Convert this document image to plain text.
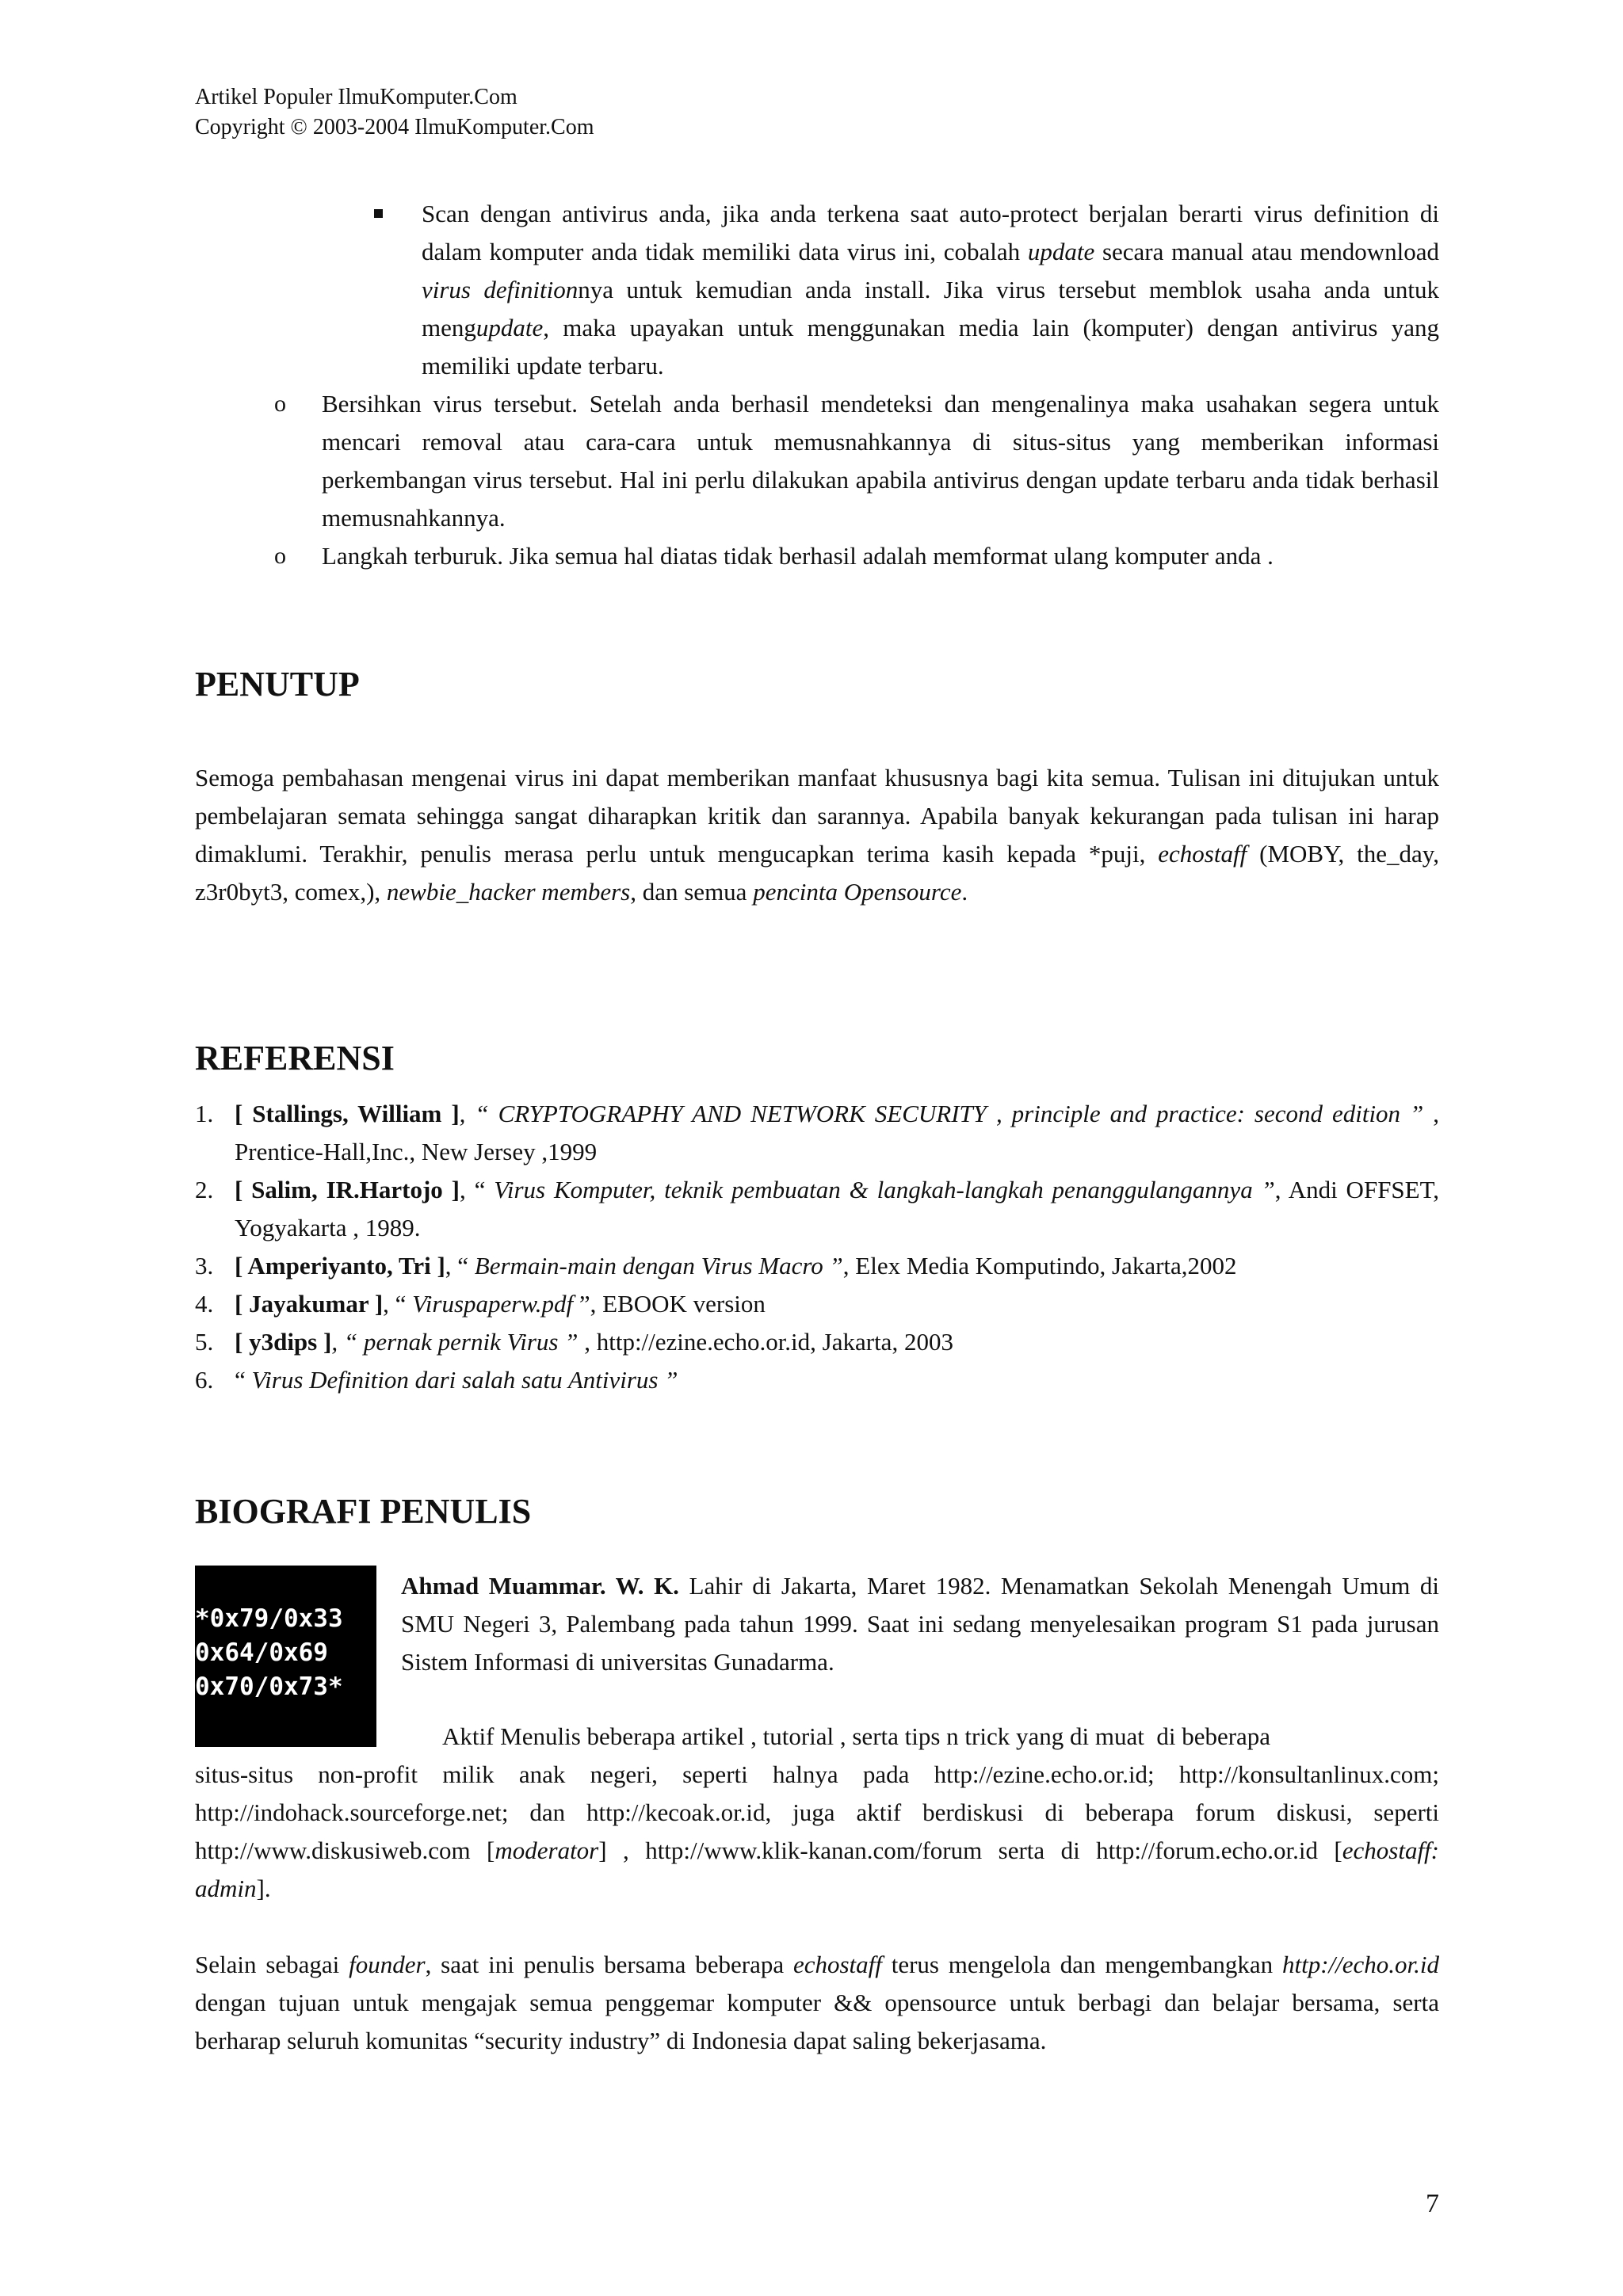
Artikel Populer IlmuKomputer.Com
Copyright © 2003-2004 IlmuKomputer.Com
Scan dengan antivirus anda, jika anda terkena saat auto-protect berjalan berarti virus definition di dalam komputer anda tidak memiliki data virus ini, cobalah update secara manual atau mendownload virus definitionnya untuk kemudian anda install. Jika virus tersebut memblok usaha anda untuk mengupdate, maka upayakan untuk menggunakan media lain (komputer) dengan antivirus yang memiliki update terbaru.
o Bersihkan virus tersebut. Setelah anda berhasil mendeteksi dan mengenalinya maka usahakan segera untuk mencari removal atau cara-cara untuk memusnahkannya di situs-situs yang memberikan informasi perkembangan virus tersebut. Hal ini perlu dilakukan apabila antivirus dengan update terbaru anda tidak berhasil memusnahkannya.
o Langkah terburuk. Jika semua hal diatas tidak berhasil adalah memformat ulang komputer anda .
PENUTUP
Semoga pembahasan mengenai virus ini dapat memberikan manfaat khususnya bagi kita semua. Tulisan ini ditujukan untuk pembelajaran semata sehingga sangat diharapkan kritik dan sarannya. Apabila banyak kekurangan pada tulisan ini harap dimaklumi. Terakhir, penulis merasa perlu untuk mengucapkan terima kasih kepada *puji, echostaff (MOBY, the_day, z3r0byt3, comex,), newbie_hacker members, dan semua pencinta Opensource.
REFERENSI
1. [ Stallings, William ], “ CRYPTOGRAPHY AND NETWORK SECURITY , principle and practice: second edition ” , Prentice-Hall,Inc., New Jersey ,1999
2. [ Salim, IR.Hartojo ], “ Virus Komputer, teknik pembuatan & langkah-langkah penanggulangannya ”, Andi OFFSET, Yogyakarta , 1989.
3. [ Amperiyanto, Tri ], “ Bermain-main dengan Virus Macro ”, Elex Media Komputindo, Jakarta,2002
4. [ Jayakumar ], “ Viruspaperw.pdf ”, EBOOK version
5. [ y3dips ], “ pernak pernik Virus ” , http://ezine.echo.or.id, Jakarta, 2003
6. “ Virus Definition dari salah satu Antivirus ”
BIOGRAFI PENULIS
*0x79/0x33
0x64/0x69
0x70/0x73*
Ahmad Muammar. W. K. Lahir di Jakarta, Maret 1982. Menamatkan Sekolah Menengah Umum di SMU Negeri 3, Palembang pada tahun 1999. Saat ini sedang menyelesaikan program S1 pada jurusan Sistem Informasi di universitas Gunadarma.
Aktif Menulis beberapa artikel , tutorial , serta tips n trick yang di muat  di beberapa
situs-situs non-profit milik anak negeri, seperti halnya pada http://ezine.echo.or.id; http://konsultanlinux.com; http://indohack.sourceforge.net; dan http://kecoak.or.id, juga aktif berdiskusi di beberapa forum diskusi, seperti http://www.diskusiweb.com [moderator] , http://www.klik-kanan.com/forum serta di http://forum.echo.or.id [echostaff: admin].
Selain sebagai founder, saat ini penulis bersama beberapa echostaff terus mengelola dan mengembangkan http://echo.or.id dengan tujuan untuk mengajak semua penggemar komputer && opensource untuk berbagi dan belajar bersama, serta berharap seluruh komunitas “security industry” di Indonesia dapat saling bekerjasama.
7
